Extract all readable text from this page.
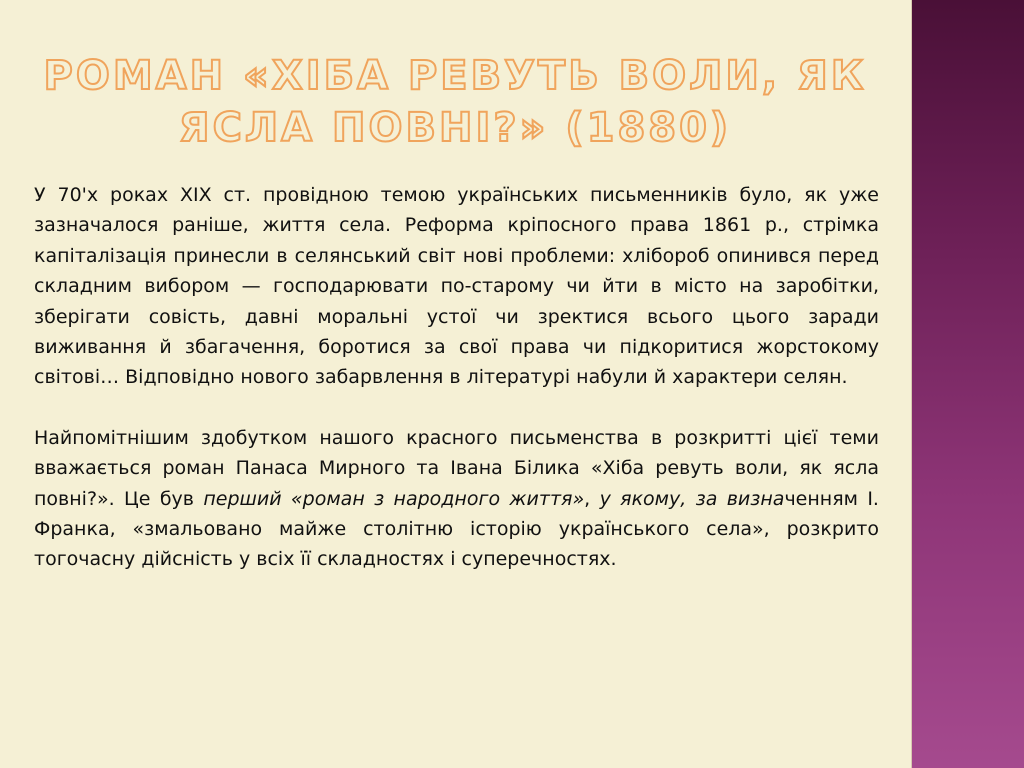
РОМАН «ХІБА РЕВУТЬ ВОЛИ, ЯК ЯСЛА ПОВНІ?» (1880)

У 70'х роках XIX ст. провідною темою українських письменників було, як уже зазначалося раніше, життя села. Реформа кріпосного права 1861 р., стрімка капіталізація принесли в селянський світ нові проблеми: хлібороб опинився перед складним вибором — господарювати по-старому чи йти в місто на заробітки, зберігати совість, давні моральні устої чи зректися всього цього заради виживання й збагачення, боротися за свої права чи підкоритися жорстокому світові… Відповідно нового забарвлення в літературі набули й характери селян.

Найпомітнішим здобутком нашого красного письменства в розкритті цієї теми вважається роман Панаса Мирного та Івана Білика «Хіба ревуть воли, як ясла повні?». Це був перший «роман з народного життя», у якому, за визначенням І. Франка, «змальовано майже столітню історію українського села», розкрито тогочасну дійсність у всіх її складностях і суперечностях.
